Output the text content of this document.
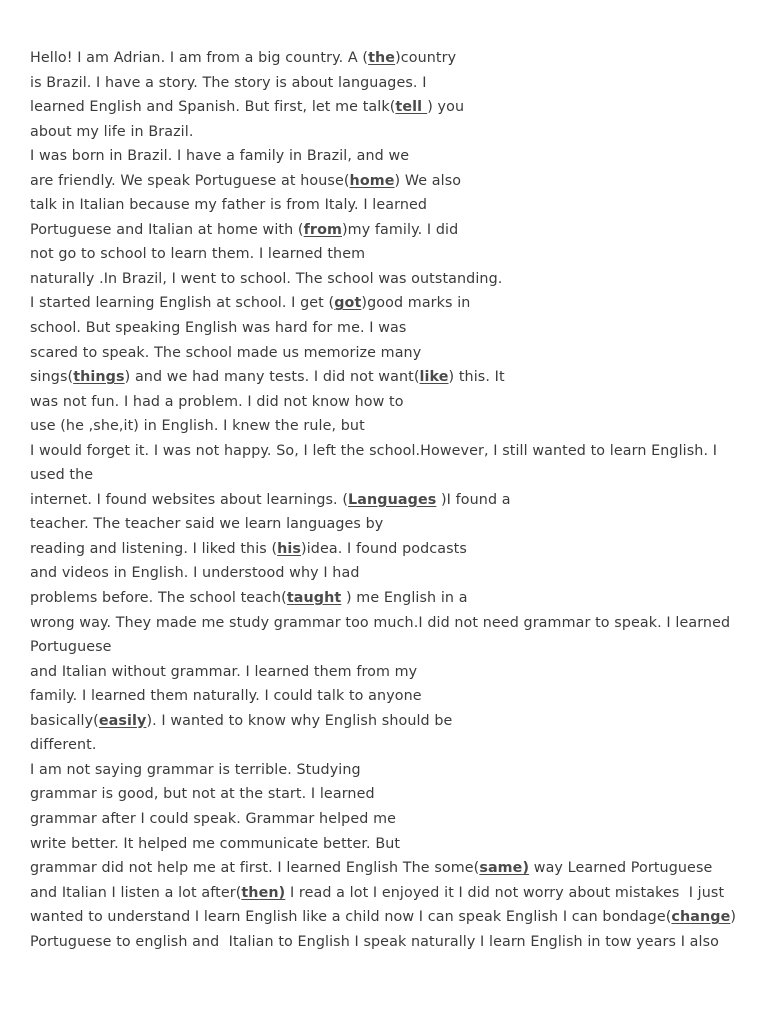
Hello! I am Adrian. I am from a big country. A (the)country
is Brazil. I have a story. The story is about languages. I
learned English and Spanish. But first, let me talk(tell ) you
about my life in Brazil.
I was born in Brazil. I have a family in Brazil, and we
are friendly. We speak Portuguese at house(home) We also
talk in Italian because my father is from Italy. I learned
Portuguese and Italian at home with (from)my family. I did
not go to school to learn them. I learned them
naturally .In Brazil, I went to school. The school was outstanding.
I started learning English at school. I get (got)good marks in
school. But speaking English was hard for me. I was
scared to speak. The school made us memorize many
sings(things) and we had many tests. I did not want(like) this. It
was not fun. I had a problem. I did not know how to
use (he ,she,it) in English. I knew the rule, but
I would forget it. I was not happy. So, I left the school.However, I still wanted to learn English. I
used the
internet. I found websites about learnings. (Languages )I found a
teacher. The teacher said we learn languages by
reading and listening. I liked this (his)idea. I found podcasts
and videos in English. I understood why I had
problems before. The school teach(taught ) me English in a
wrong way. They made me study grammar too much.I did not need grammar to speak. I learned
Portuguese
and Italian without grammar. I learned them from my
family. I learned them naturally. I could talk to anyone
basically(easily). I wanted to know why English should be
different.
I am not saying grammar is terrible. Studying
grammar is good, but not at the start. I learned
grammar after I could speak. Grammar helped me
write better. It helped me communicate better. But
grammar did not help me at first. I learned English The some(same) way Learned Portuguese
and Italian I listen a lot after(then) I read a lot I enjoyed it I did not worry about mistakes  I just
wanted to understand I learn English like a child now I can speak English I can bondage(change)
Portuguese to english and  Italian to English I speak naturally I learn English in tow years I also
